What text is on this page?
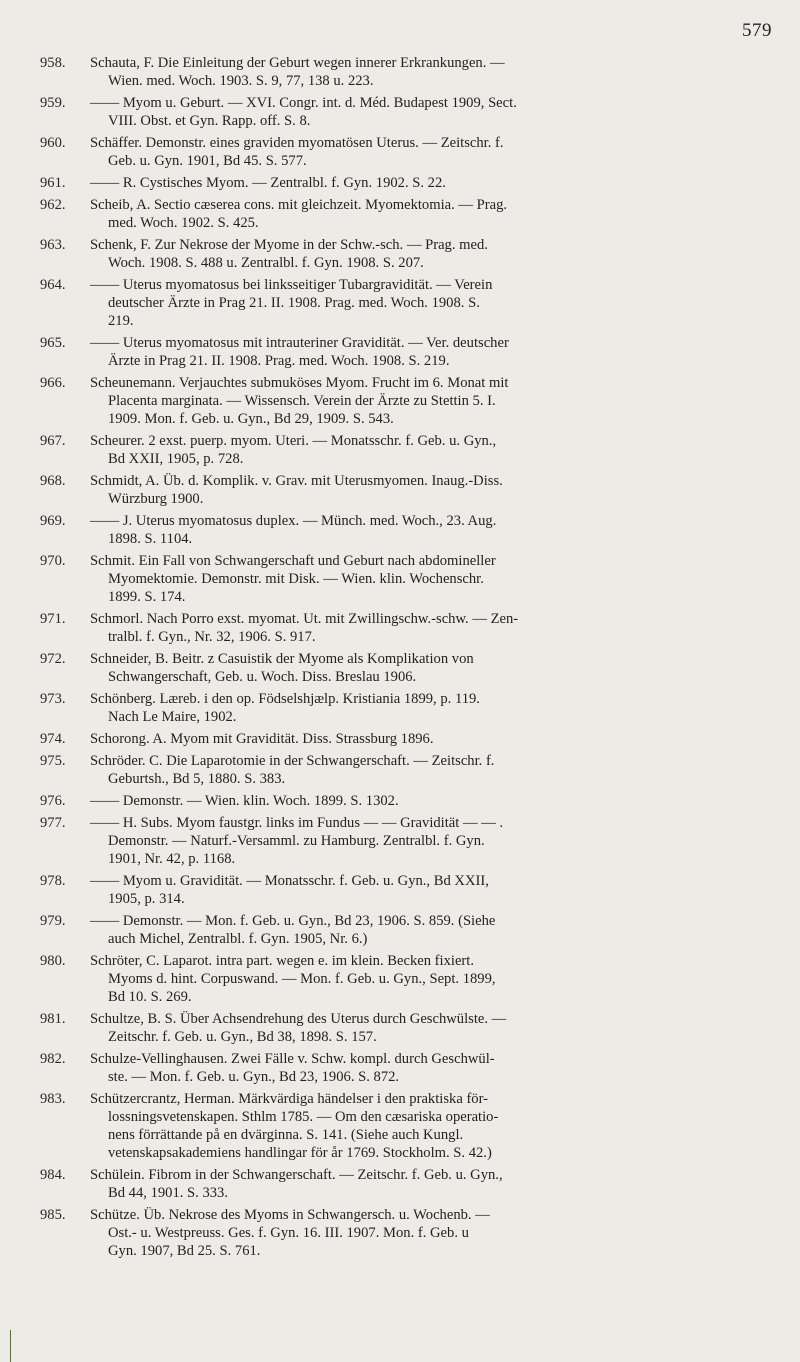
579
958.	Schauta, F. Die Einleitung der Geburt wegen innerer Erkrankungen. —
Wien. med. Woch. 1903. S. 9, 77, 138 u. 223.
959.	—— Myom u. Geburt. — XVI. Congr. int. d. Méd. Budapest 1909, Sect.
VIII. Obst. et Gyn. Rapp. off. S. 8.
960.	Schäffer. Demonstr. eines graviden myomatösen Uterus. — Zeitschr. f.
Geb. u. Gyn. 1901, Bd 45. S. 577.
961.	—— R. Cystisches Myom. — Zentralbl. f. Gyn. 1902. S. 22.
962.	Scheib, A. Sectio cæserea cons. mit gleichzeit. Myomektomia. — Prag.
med. Woch. 1902. S. 425.
963.	Schenk, F. Zur Nekrose der Myome in der Schw.-sch. — Prag. med.
Woch. 1908. S. 488 u. Zentralbl. f. Gyn. 1908. S. 207.
964.	—— Uterus myomatosus bei linksseitiger Tubargravidität. — Verein
deutscher Ärzte in Prag 21. II. 1908. Prag. med. Woch. 1908. S.
219.
965.	—— Uterus myomatosus mit intrauteriner Gravidität. — Ver. deutscher
Ärzte in Prag 21. II. 1908. Prag. med. Woch. 1908. S. 219.
966.	Scheunemann. Verjauchtes submuköses Myom. Frucht im 6. Monat mit
Placenta marginata. — Wissensch. Verein der Ärzte zu Stettin 5. I.
1909. Mon. f. Geb. u. Gyn., Bd 29, 1909. S. 543.
967.	Scheurer. 2 exst. puerp. myom. Uteri. — Monatsschr. f. Geb. u. Gyn.,
Bd XXII, 1905, p. 728.
968.	Schmidt, A. Üb. d. Komplik. v. Grav. mit Uterusmyomen. Inaug.-Diss.
Würzburg 1900.
969.	—— J. Uterus myomatosus duplex. — Münch. med. Woch., 23. Aug.
1898. S. 1104.
970.	Schmit. Ein Fall von Schwangerschaft und Geburt nach abdomineller
Myomektomie. Demonstr. mit Disk. — Wien. klin. Wochenschr.
1899. S. 174.
971.	Schmorl. Nach Porro exst. myomat. Ut. mit Zwillingschw.-schw. — Zen-
tralbl. f. Gyn., Nr. 32, 1906. S. 917.
972.	Schneider, B. Beitr. z Casuistik der Myome als Komplikation von
Schwangerschaft, Geb. u. Woch. Diss. Breslau 1906.
973.	Schönberg. Læreb. i den op. Födselshjælp. Kristiania 1899, p. 119.
Nach Le Maire, 1902.
974.	Schorong. A. Myom mit Gravidität. Diss. Strassburg 1896.
975.	Schröder. C. Die Laparotomie in der Schwangerschaft. — Zeitschr. f.
Geburtsh., Bd 5, 1880. S. 383.
976.	—— Demonstr. — Wien. klin. Woch. 1899. S. 1302.
977.	—— H. Subs. Myom faustgr. links im Fundus — — Gravidität — — .
Demonstr. — Naturf.-Versamml. zu Hamburg. Zentralbl. f. Gyn.
1901, Nr. 42, p. 1168.
978.	—— Myom u. Gravidität. — Monatsschr. f. Geb. u. Gyn., Bd XXII,
1905, p. 314.
979.	—— Demonstr. — Mon. f. Geb. u. Gyn., Bd 23, 1906. S. 859. (Siehe
auch Michel, Zentralbl. f. Gyn. 1905, Nr. 6.)
980.	Schröter, C. Laparot. intra part. wegen e. im klein. Becken fixiert.
Myoms d. hint. Corpuswand. — Mon. f. Geb. u. Gyn., Sept. 1899,
Bd 10. S. 269.
981.	Schultze, B. S. Über Achsendrehung des Uterus durch Geschwülste. —
Zeitschr. f. Geb. u. Gyn., Bd 38, 1898. S. 157.
982.	Schulze-Vellinghausen. Zwei Fälle v. Schw. kompl. durch Geschwül-
ste. — Mon. f. Geb. u. Gyn., Bd 23, 1906. S. 872.
983.	Schützercrantz, Herman. Märkvärdiga händelser i den praktiska för-
lossningsvetenskapen. Sthlm 1785. — Om den cæsariska operatio-
nens förrättande på en dvärginna. S. 141. (Siehe auch Kungl.
vetenskapsakademiens handlingar för år 1769. Stockholm. S. 42.)
984.	Schülein. Fibrom in der Schwangerschaft. — Zeitschr. f. Geb. u. Gyn.,
Bd 44, 1901. S. 333.
985.	Schütze. Üb. Nekrose des Myoms in Schwangersch. u. Wochenb. —
Ost.- u. Westpreuss. Ges. f. Gyn. 16. III. 1907. Mon. f. Geb. u
Gyn. 1907, Bd 25. S. 761.
